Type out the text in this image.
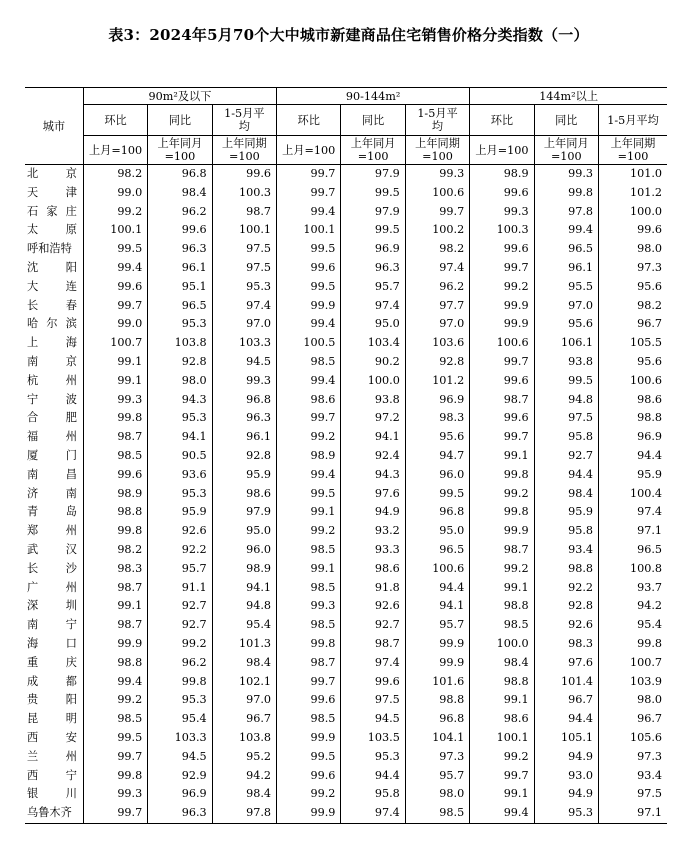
表3：2024年5月70个大中城市新建商品住宅销售价格分类指数（一）
城市	90m²及以下			90-144m²			144m²以上		
	环比	同比	1-5月平均	环比	同比	1-5月平均	环比	同比	1-5月平均
	上月=100	上年同月=100	上年同期=100	上月=100	上年同月=100	上年同期=100	上月=100	上年同月=100	上年同期=100

北 京	98.2	96.8	99.6	99.7	97.9	99.3	98.9	99.3	101.0

天 津	99.0	98.4	100.3	99.7	99.5	100.6	99.6	99.8	101.2

石 家 庄	99.2	96.2	98.7	99.4	97.9	99.7	99.3	97.8	100.0

太 原	100.1	99.6	100.1	100.1	99.5	100.2	100.3	99.4	99.6

呼和浩特	99.5	96.3	97.5	99.5	96.9	98.2	99.6	96.5	98.0

沈 阳	99.4	96.1	97.5	99.6	96.3	97.4	99.7	96.1	97.3

大 连	99.6	95.1	95.3	99.5	95.7	96.2	99.2	95.5	95.6

长 春	99.7	96.5	97.4	99.9	97.4	97.7	99.9	97.0	98.2

哈 尔 滨	99.0	95.3	97.0	99.4	95.0	97.0	99.9	95.6	96.7

上 海	100.7	103.8	103.3	100.5	103.4	103.6	100.6	106.1	105.5

南 京	99.1	92.8	94.5	98.5	90.2	92.8	99.7	93.8	95.6

杭 州	99.1	98.0	99.3	99.4	100.0	101.2	99.6	99.5	100.6

宁 波	99.3	94.3	96.8	98.6	93.8	96.9	98.7	94.8	98.6

合 肥	99.8	95.3	96.3	99.7	97.2	98.3	99.6	97.5	98.8

福 州	98.7	94.1	96.1	99.2	94.1	95.6	99.7	95.8	96.9

厦 门	98.5	90.5	92.8	98.9	92.4	94.7	99.1	92.7	94.4

南 昌	99.6	93.6	95.9	99.4	94.3	96.0	99.8	94.4	95.9

济 南	98.9	95.3	98.6	99.5	97.6	99.5	99.2	98.4	100.4

青 岛	98.8	95.9	97.9	99.1	94.9	96.8	99.8	95.9	97.4

郑 州	99.8	92.6	95.0	99.2	93.2	95.0	99.9	95.8	97.1

武 汉	98.2	92.2	96.0	98.5	93.3	96.5	98.7	93.4	96.5

长 沙	98.3	95.7	98.9	99.1	98.6	100.6	99.2	98.8	100.8

广 州	98.7	91.1	94.1	98.5	91.8	94.4	99.1	92.2	93.7

深 圳	99.1	92.7	94.8	99.3	92.6	94.1	98.8	92.8	94.2

南 宁	98.7	92.7	95.4	98.5	92.7	95.7	98.5	92.6	95.4

海 口	99.9	99.2	101.3	99.8	98.7	99.9	100.0	98.3	99.8

重 庆	98.8	96.2	98.4	98.7	97.4	99.9	98.4	97.6	100.7

成 都	99.4	99.8	102.1	99.7	99.6	101.6	98.8	101.4	103.9

贵 阳	99.2	95.3	97.0	99.6	97.5	98.8	99.1	96.7	98.0

昆 明	98.5	95.4	96.7	98.5	94.5	96.8	98.6	94.4	96.7

西 安	99.5	103.3	103.8	99.9	103.5	104.1	100.1	105.1	105.6

兰 州	99.7	94.5	95.2	99.5	95.3	97.3	99.2	94.9	97.3

西 宁	99.8	92.9	94.2	99.6	94.4	95.7	99.7	93.0	93.4

银 川	99.3	96.9	98.4	99.2	95.8	98.0	99.1	94.9	97.5

乌鲁木齐	99.7	96.3	97.8	99.9	97.4	98.5	99.4	95.3	97.1
